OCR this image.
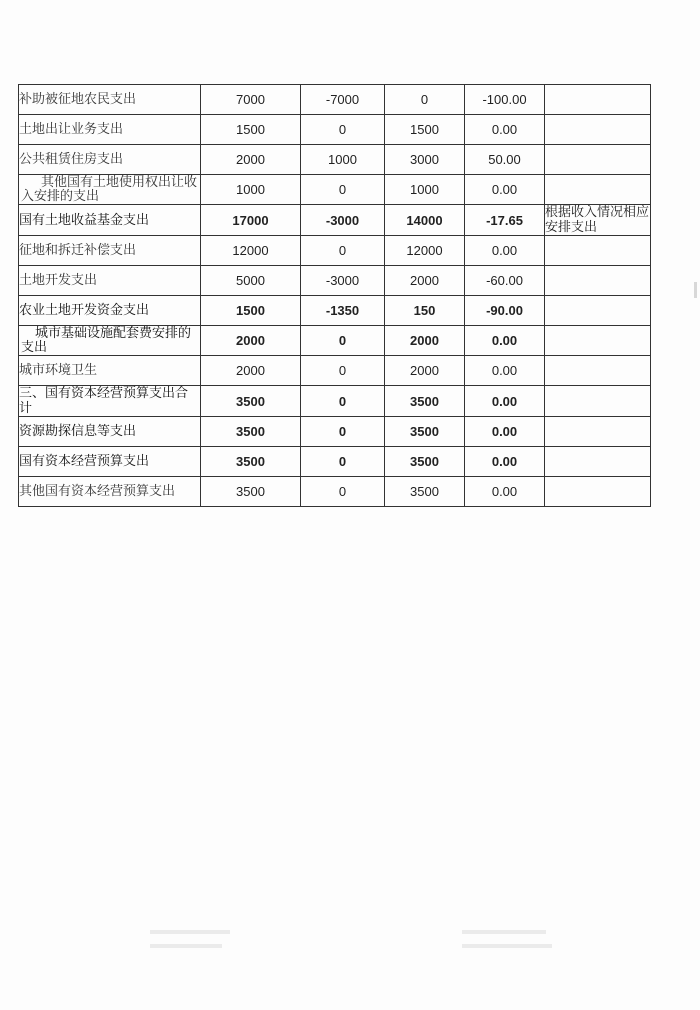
补助被征地农民支出	7000	-7000	0	-100.00	
土地出让业务支出	1500	0	1500	0.00	
公共租赁住房支出	2000	1000	3000	50.00	

其他国有土地使用权出让收入安排的支出	1000	0	1000	0.00	
国有土地收益基金支出	17000	-3000	14000	-17.65	根据收入情况相应安排支出
征地和拆迁补偿支出	12000	0	12000	0.00	
土地开发支出	5000	-3000	2000	-60.00	
农业土地开发资金支出	1500	-1350	150	-90.00	

城市基础设施配套费安排的支出	2000	0	2000	0.00	
城市环境卫生	2000	0	2000	0.00	
三、国有资本经营预算支出合计	3500	0	3500	0.00	
资源勘探信息等支出	3500	0	3500	0.00	
国有资本经营预算支出	3500	0	3500	0.00	
其他国有资本经营预算支出	3500	0	3500	0.00	
